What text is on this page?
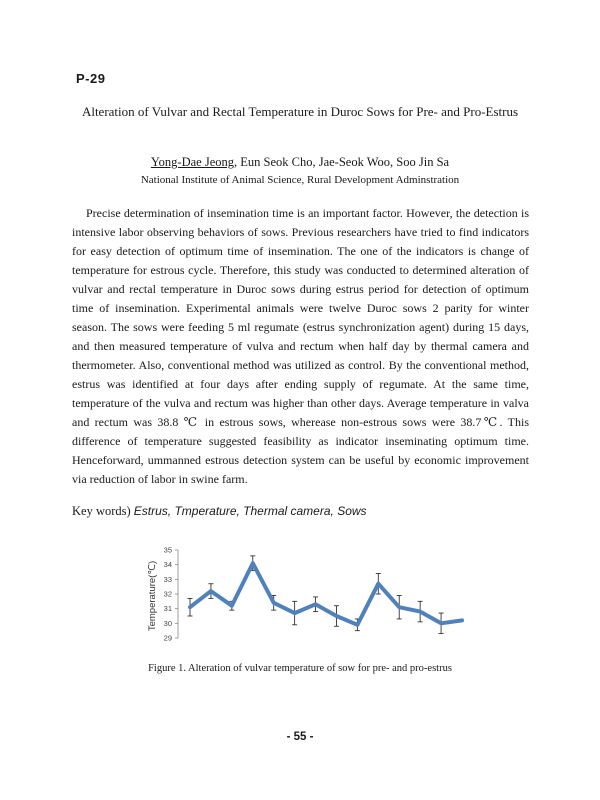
P-29
Alteration of Vulvar and Rectal Temperature in Duroc Sows for Pre- and Pro-Estrus
Yong-Dae Jeong, Eun Seok Cho, Jae-Seok Woo, Soo Jin Sa
National Institute of Animal Science, Rural Development Adminstration

Precise determination of insemination time is an important factor. However, the detection is intensive labor observing behaviors of sows. Previous researchers have tried to find indicators for easy detection of optimum time of insemination. The one of the indicators is change of temperature for estrous cycle. Therefore, this study was conducted to determined alteration of vulvar and rectal temperature in Duroc sows during estrus period for detection of optimum time of insemination. Experimental animals were twelve Duroc sows 2 parity for winter season. The sows were feeding 5 ml regumate (estrus synchronization agent) during 15 days, and then measured temperature of vulva and rectum when half day by thermal camera and thermometer. Also, conventional method was utilized as control. By the conventional method, estrus was identified at four days after ending supply of regumate. At the same time, temperature of the vulva and rectum was higher than other days. Average temperature in valva and rectum was 38.8 ℃ in estrous sows, wherease non-estrous sows were 38.7℃. This difference of temperature suggested feasibility as indicator inseminating optimum time. Henceforward, ummanned estrous detection system can be useful by economic improvement via reduction of labor in swine farm.

Key words) Estrus, Tmperature, Thermal camera, Sows
Temperature(℃)
29
30
31
32
33
34
35
Figure 1. Alteration of vulvar temperature of sow for pre- and pro-estrus
- 55 -
